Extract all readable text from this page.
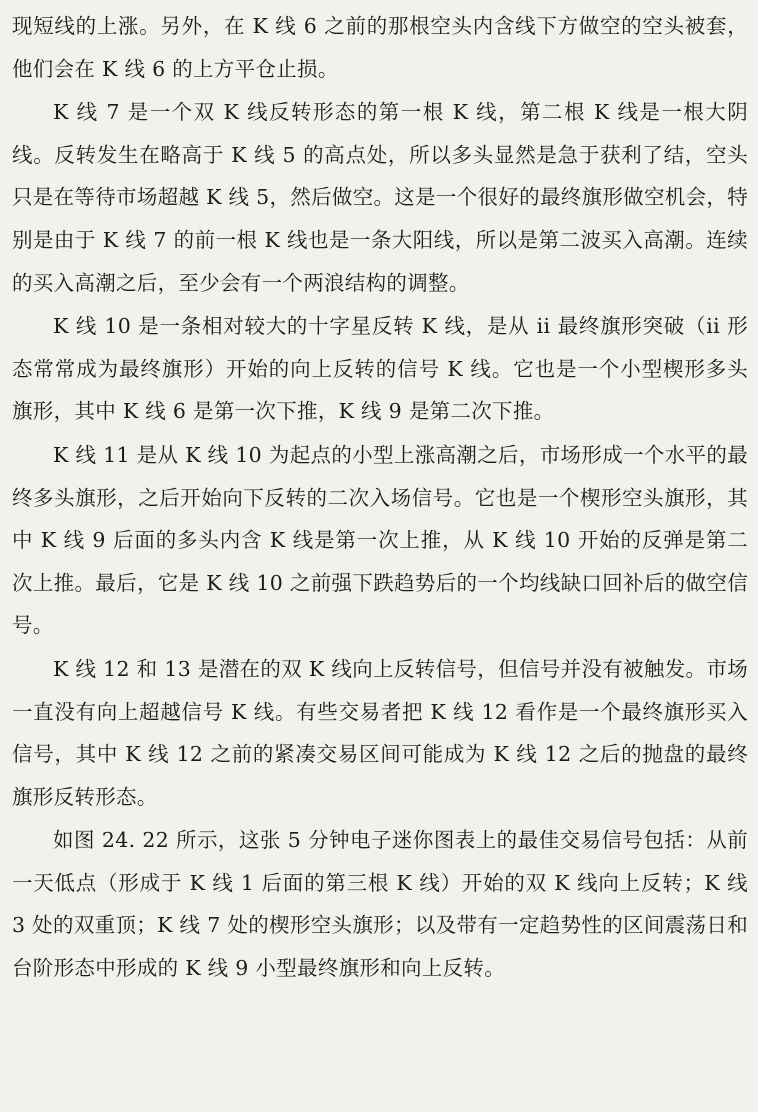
现短线的上涨。另外，在 K 线 6 之前的那根空头内含线下方做空的空头被套，他们会在 K 线 6 的上方平仓止损。

K 线 7 是一个双 K 线反转形态的第一根 K 线，第二根 K 线是一根大阴线。反转发生在略高于 K 线 5 的高点处，所以多头显然是急于获利了结，空头只是在等待市场超越 K 线 5，然后做空。这是一个很好的最终旗形做空机会，特别是由于 K 线 7 的前一根 K 线也是一条大阳线，所以是第二波买入高潮。连续的买入高潮之后，至少会有一个两浪结构的调整。

K 线 10 是一条相对较大的十字星反转 K 线，是从 ii 最终旗形突破（ii 形态常常成为最终旗形）开始的向上反转的信号 K 线。它也是一个小型楔形多头旗形，其中 K 线 6 是第一次下推，K 线 9 是第二次下推。

K 线 11 是从 K 线 10 为起点的小型上涨高潮之后，市场形成一个水平的最终多头旗形，之后开始向下反转的二次入场信号。它也是一个楔形空头旗形，其中 K 线 9 后面的多头内含 K 线是第一次上推，从 K 线 10 开始的反弹是第二次上推。最后，它是 K 线 10 之前强下跌趋势后的一个均线缺口回补后的做空信号。

K 线 12 和 13 是潜在的双 K 线向上反转信号，但信号并没有被触发。市场一直没有向上超越信号 K 线。有些交易者把 K 线 12 看作是一个最终旗形买入信号，其中 K 线 12 之前的紧凑交易区间可能成为 K 线 12 之后的抛盘的最终旗形反转形态。

如图 24. 22 所示，这张 5 分钟电子迷你图表上的最佳交易信号包括：从前一天低点（形成于 K 线 1 后面的第三根 K 线）开始的双 K 线向上反转；K 线 3 处的双重顶；K 线 7 处的楔形空头旗形；以及带有一定趋势性的区间震荡日和台阶形态中形成的 K 线 9 小型最终旗形和向上反转。
